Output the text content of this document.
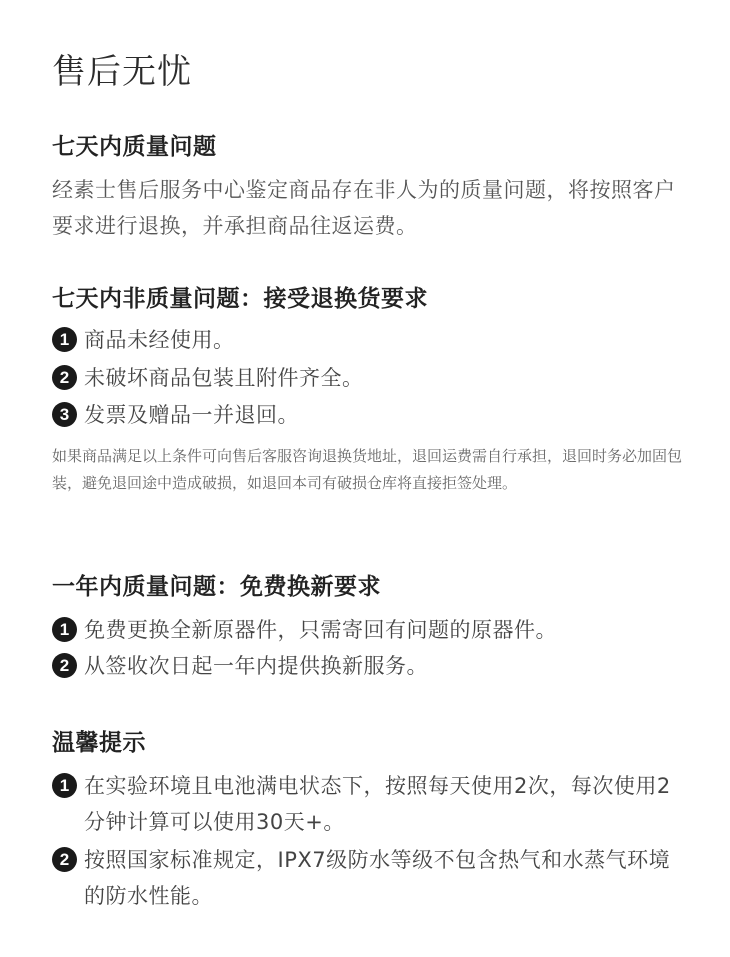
售后无忧
七天内质量问题

经素士售后服务中心鉴定商品存在非人为的质量问题，将按照客户要求进行退换，并承担商品往返运费。

七天内非质量问题：接受退换货要求
1 商品未经使用。
2 未破坏商品包装且附件齐全。
3 发票及赠品一并退回。

如果商品满足以上条件可向售后客服咨询退换货地址，退回运费需自行承担，退回时务必加固包装，避免退回途中造成破损，如退回本司有破损仓库将直接拒签处理。

一年内质量问题：免费换新要求
1 免费更换全新原器件，只需寄回有问题的原器件。
2 从签收次日起一年内提供换新服务。
温馨提示
1 在实验环境且电池满电状态下，按照每天使用2次，每次使用2分钟计算可以使用30天+。
2 按照国家标准规定，IPX7级防水等级不包含热气和水蒸气环境的防水性能。
